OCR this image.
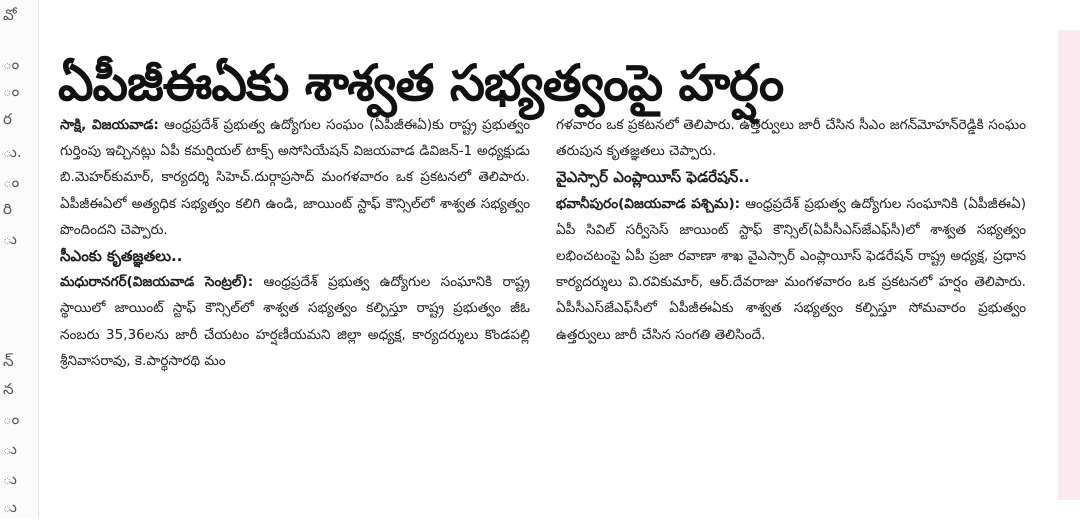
వో
ం
ం
ర
ు.
ం
రి
ు
న్
న
ం
ు
ు
ు
ఏపీజీఈఏకు శాశ్వత సభ్యత్వంపై హర్షం

సాక్షి, విజయవాడ: ఆంధ్రప్రదేశ్ ప్రభుత్వ ఉద్యోగుల సంఘం (ఏపీజీఈఏ)కు రాష్ట్ర ప్రభుత్వం గుర్తింపు ఇచ్చినట్లు ఏపీ కమర్షియల్ టాక్స్ అసోసియేషన్ విజయవాడ డివిజన్-1 అధ్యక్షుడు బి.మెహర్‌కుమార్, కార్యదర్శి సిహెచ్.దుర్గాప్రసాద్ మంగళవారం ఒక ప్రకటనలో తెలిపారు. ఏపీజీఈఏలో అత్యధిక సభ్యత్వం కలిగి ఉండి, జాయింట్ స్టాఫ్ కౌన్సిల్‌లో శాశ్వత సభ్యత్వం పొందిందని చెప్పారు.

సీఎంకు కృతజ్ఞతలు..

మధురానగర్(విజయవాడ సెంట్రల్): ఆంధ్రప్రదేశ్ ప్రభుత్వ ఉద్యోగుల సంఘానికి రాష్ట్ర స్థాయిలో జాయింట్ స్టాఫ్ కౌన్సిల్‌లో శాశ్వత సభ్యత్వం కల్పిస్తూ రాష్ట్ర ప్రభుత్వం జీఓ నంబరు 35,36లను జారీ చేయటం హర్షణీయమని జిల్లా అధ్యక్ష, కార్యదర్శులు కొండపల్లి శ్రీనివాసరావు, కె.పార్థసారథి మం

గళవారం ఒక ప్రకటనలో తెలిపారు. ఉత్తర్వులు జారీ చేసిన సీఎం జగన్‌మోహన్‌రెడ్డికి సంఘం తరుపున కృతజ్ఞతలు చెప్పారు.

వైఎస్సార్ ఎంప్లాయీస్ ఫెడరేషన్..

భవానీపురం(విజయవాడ పశ్చిమ): ఆంధ్రప్రదేశ్ ప్రభుత్వ ఉద్యోగుల సంఘానికి (ఏపీజీఈఏ) ఏపీ సివిల్ సర్వీసెస్ జాయింట్ స్టాఫ్ కౌన్సిల్(ఏపీసీఎస్‌జేఎఫ్‌సీ)లో శాశ్వత సభ్యత్వం లభించటంపై ఏపీ ప్రజా రవాణా శాఖ వైఎస్సార్ ఎంప్లాయీస్ ఫెడరేషన్ రాష్ట్ర అధ్యక్ష, ప్రధాన కార్యదర్శులు వి.రవికుమార్, ఆర్.దేవరాజు మంగళవారం ఒక ప్రకటనలో హర్షం తెలిపారు. ఏపీసీఎస్‌జేఎఫ్‌సీలో ఏపీజీఈఏకు శాశ్వత సభ్యత్వం కల్పిస్తూ సోమవారం ప్రభుత్వం ఉత్తర్వులు జారీ చేసిన సంగతి తెలిసిందే.
